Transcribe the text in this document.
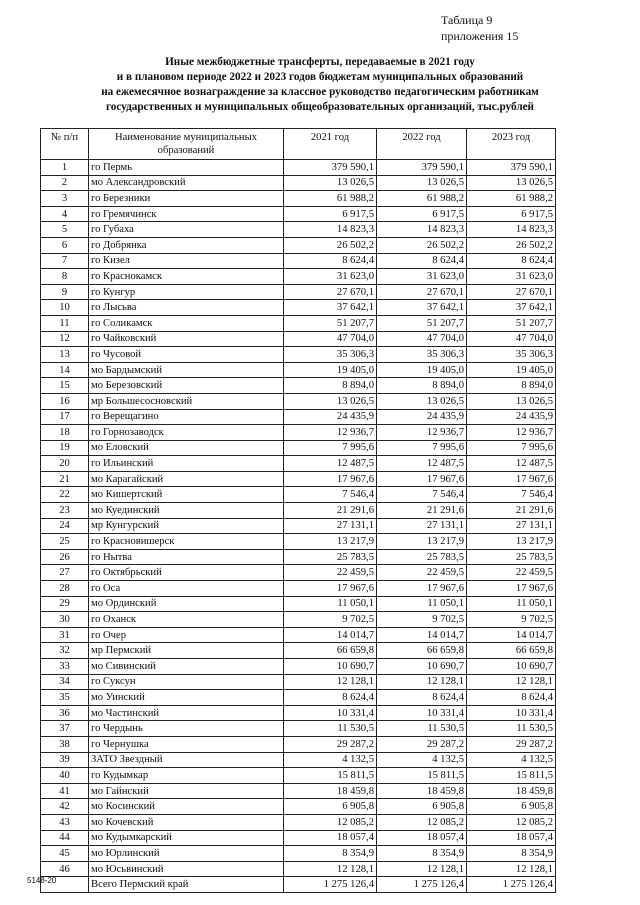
Таблица 9
приложения 15
Иные межбюджетные трансферты, передаваемые в 2021 году
и в плановом периоде 2022 и 2023 годов бюджетам муниципальных образований
на ежемесячное вознаграждение за классное руководство педагогическим работникам
государственных и муниципальных общеобразовательных организаций, тыс.рублей
№ п/п	Наименование муниципальных образований	2021 год	2022 год	2023 год
1	го Пермь	379 590,1	379 590,1	379 590,1
2	мо Александровский	13 026,5	13 026,5	13 026,5
3	го Березники	61 988,2	61 988,2	61 988,2
4	го Гремячинск	6 917,5	6 917,5	6 917,5
5	го Губаха	14 823,3	14 823,3	14 823,3
6	го Добрянка	26 502,2	26 502,2	26 502,2
7	го Кизел	8 624,4	8 624,4	8 624,4
8	го Краснокамск	31 623,0	31 623,0	31 623,0
9	го Кунгур	27 670,1	27 670,1	27 670,1
10	го Лысьва	37 642,1	37 642,1	37 642,1
11	го Соликамск	51 207,7	51 207,7	51 207,7
12	го Чайковский	47 704,0	47 704,0	47 704,0
13	го Чусовой	35 306,3	35 306,3	35 306,3
14	мо Бардымский	19 405,0	19 405,0	19 405,0
15	мо Березовский	8 894,0	8 894,0	8 894,0
16	мр Большесосновский	13 026,5	13 026,5	13 026,5
17	го Верещагино	24 435,9	24 435,9	24 435,9
18	го Горнозаводск	12 936,7	12 936,7	12 936,7
19	мо Еловский	7 995,6	7 995,6	7 995,6
20	го Ильинский	12 487,5	12 487,5	12 487,5
21	мо Карагайский	17 967,6	17 967,6	17 967,6
22	мо Кишертский	7 546,4	7 546,4	7 546,4
23	мо Куединский	21 291,6	21 291,6	21 291,6
24	мр Кунгурский	27 131,1	27 131,1	27 131,1
25	го Красновишерск	13 217,9	13 217,9	13 217,9
26	го Нытва	25 783,5	25 783,5	25 783,5
27	го Октябрьский	22 459,5	22 459,5	22 459,5
28	го Оса	17 967,6	17 967,6	17 967,6
29	мо Ординский	11 050,1	11 050,1	11 050,1
30	го Оханск	9 702,5	9 702,5	9 702,5
31	го Очер	14 014,7	14 014,7	14 014,7
32	мр Пермский	66 659,8	66 659,8	66 659,8
33	мо Сивинский	10 690,7	10 690,7	10 690,7
34	го Суксун	12 128,1	12 128,1	12 128,1
35	мо Уинский	8 624,4	8 624,4	8 624,4
36	мо Частинский	10 331,4	10 331,4	10 331,4
37	го Чердынь	11 530,5	11 530,5	11 530,5
38	го Чернушка	29 287,2	29 287,2	29 287,2
39	ЗАТО Звездный	4 132,5	4 132,5	4 132,5
40	го Кудымкар	15 811,5	15 811,5	15 811,5
41	мо Гайнский	18 459,8	18 459,8	18 459,8
42	мо Косинский	6 905,8	6 905,8	6 905,8
43	мо Кочевский	12 085,2	12 085,2	12 085,2
44	мо Кудымкарский	18 057,4	18 057,4	18 057,4
45	мо Юрлинский	8 354,9	8 354,9	8 354,9
46	мо Юсьвинский	12 128,1	12 128,1	12 128,1
	Всего Пермский край	1 275 126,4	1 275 126,4	1 275 126,4
5148-20
